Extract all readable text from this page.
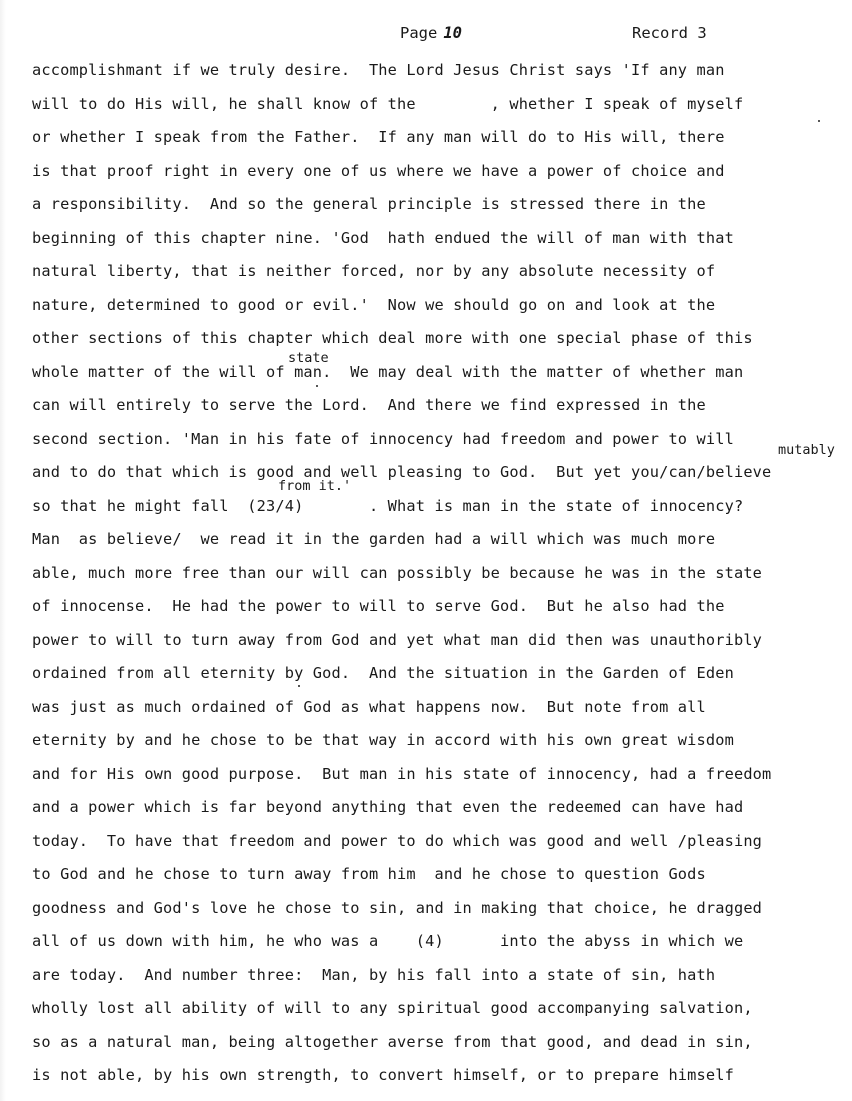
Page 10	Record 3
accomplishmant if we truly desire.  The Lord Jesus Christ says 'If any man
will to do His will, he shall know of the        , whether I speak of myself
or whether I speak from the Father.  If any man will do to His will, there
is that proof right in every one of us where we have a power of choice and
a responsibility.  And so the general principle is stressed there in the
beginning of this chapter nine. 'God  hath endued the will of man with that
natural liberty, that is neither forced, nor by any absolute necessity of
nature, determined to good or evil.'  Now we should go on and look at the
other sections of this chapter which deal more with one special phase of this
whole matter of the will of man.  We may deal with the matter of whether man
can will entirely to serve the Lord.  And there we find expressed in the
second section. 'Man in his fate of innocency had freedom and power to will
and to do that which is good and well pleasing to God.  But yet you/can/believe
so that he might fall  (23/4)       . What is man in the state of innocency?
Man  as believe/  we read it in the garden had a will which was much more
able, much more free than our will can possibly be because he was in the state
of innocense.  He had the power to will to serve God.  But he also had the
power to will to turn away from God and yet what man did then was unauthoribly
ordained from all eternity by God.  And the situation in the Garden of Eden
was just as much ordained of God as what happens now.  But note from all
eternity by and he chose to be that way in accord with his own great wisdom
and for His own good purpose.  But man in his state of innocency, had a freedom
and a power which is far beyond anything that even the redeemed can have had
today.  To have that freedom and power to do which was good and well /pleasing
to God and he chose to turn away from him  and he chose to question Gods
goodness and God's love he chose to sin, and in making that choice, he dragged
all of us down with him, he who was a    (4)      into the abyss in which we
are today.  And number three:  Man, by his fall into a state of sin, hath
wholly lost all ability of will to any spiritual good accompanying salvation,
so as a natural man, being altogether averse from that good, and dead in sin,
is not able, by his own strength, to convert himself, or to prepare himself
state
mutably
from it.'
